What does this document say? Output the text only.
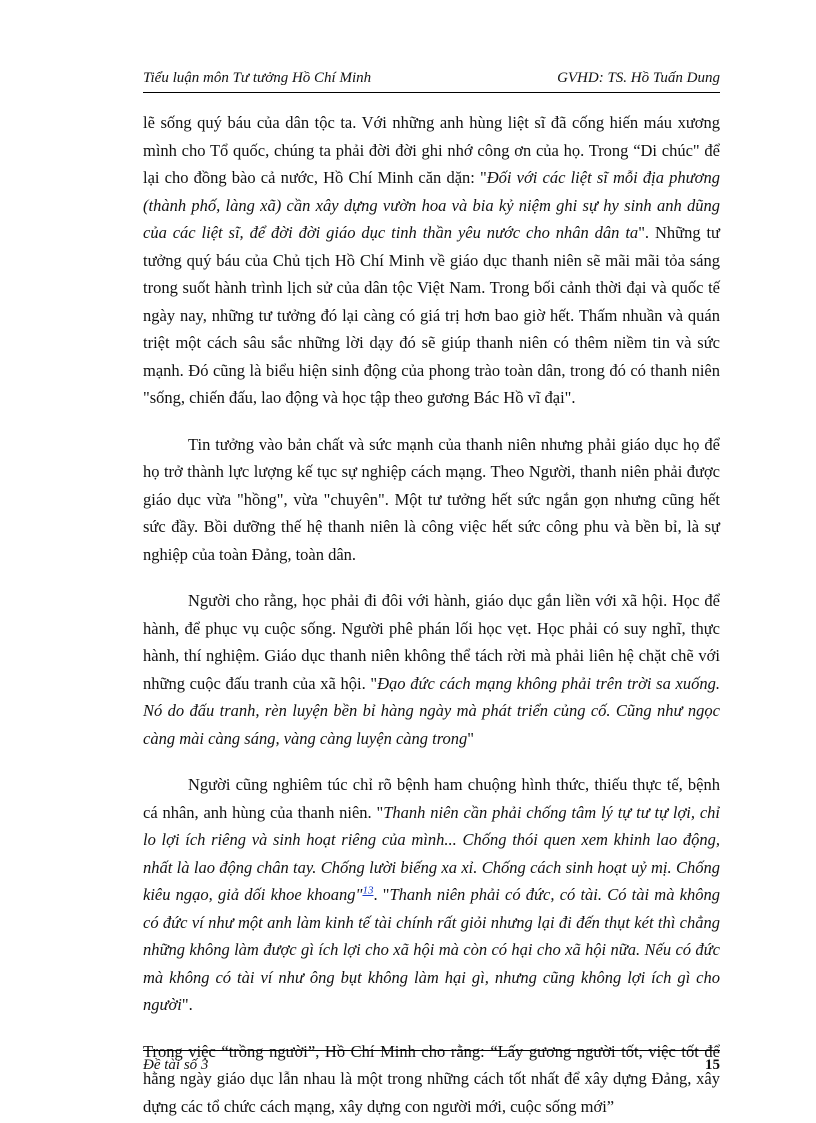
Tiểu luận môn Tư tưởng Hồ Chí Minh	GVHD: TS. Hồ Tuấn Dung

lẽ sống quý báu của dân tộc ta. Với những anh hùng liệt sĩ đã cống hiến máu xương mình cho Tổ quốc, chúng ta phải đời đời ghi nhớ công ơn của họ. Trong “Di chúc" để lại cho đồng bào cả nước, Hồ Chí Minh căn dặn: "Đối với các liệt sĩ mỗi địa phương (thành phố, làng xã) cần xây dựng vườn hoa và bia kỷ niệm ghi sự hy sinh anh dũng của các liệt sĩ, để đời đời giáo dục tinh thần yêu nước cho nhân dân ta". Những tư tưởng quý báu của Chủ tịch Hồ Chí Minh về giáo dục thanh niên sẽ mãi mãi tỏa sáng trong suốt hành trình lịch sử của dân tộc Việt Nam. Trong bối cảnh thời đại và quốc tế ngày nay, những tư tưởng đó lại càng có giá trị hơn bao giờ hết. Thấm nhuần và quán triệt một cách sâu sắc những lời dạy đó sẽ giúp thanh niên có thêm niềm tin và sức mạnh. Đó cũng là biểu hiện sinh động của phong trào toàn dân, trong đó có thanh niên "sống, chiến đấu, lao động và học tập theo gương Bác Hồ vĩ đại".

Tin tưởng vào bản chất và sức mạnh của thanh niên nhưng phải giáo dục họ để họ trở thành lực lượng kế tục sự nghiệp cách mạng. Theo Người, thanh niên phải được giáo dục vừa "hồng", vừa "chuyên". Một tư tưởng hết sức ngắn gọn nhưng cũng hết sức đầy. Bồi dưỡng thế hệ thanh niên là công việc hết sức công phu và bền bỉ, là sự nghiệp của toàn Đảng, toàn dân.

Người cho rằng, học phải đi đôi với hành, giáo dục gắn liền với xã hội. Học để hành, để phục vụ cuộc sống. Người phê phán lối học vẹt. Học phải có suy nghĩ, thực hành, thí nghiệm. Giáo dục thanh niên không thể tách rời mà phải liên hệ chặt chẽ với những cuộc đấu tranh của xã hội. "Đạo đức cách mạng không phải trên trời sa xuống. Nó do đấu tranh, rèn luyện bền bỉ hàng ngày mà phát triển củng cố. Cũng như ngọc càng mài càng sáng, vàng càng luyện càng trong"

Người cũng nghiêm túc chỉ rõ bệnh ham chuộng hình thức, thiếu thực tế, bệnh cá nhân, anh hùng của thanh niên. "Thanh niên cần phải chống tâm lý tự tư tự lợi, chỉ lo lợi ích riêng và sinh hoạt riêng của mình... Chống thói quen xem khinh lao động, nhất là lao động chân tay. Chống lười biếng xa xỉ. Chống cách sinh hoạt uỷ mị. Chống kiêu ngạo, giả dối khoe khoang"$^{13}$. "Thanh niên phải có đức, có tài. Có tài mà không có đức ví như một anh làm kinh tế tài chính rất giỏi nhưng lại đi đến thụt két thì chẳng những không làm được gì ích lợi cho xã hội mà còn có hại cho xã hội nữa. Nếu có đức mà không có tài ví như ông bụt không làm hại gì, nhưng cũng không lợi ích gì cho người".

Trong việc “trồng người”, Hồ Chí Minh cho rằng: “Lấy gương người tốt, việc tốt để hằng ngày giáo dục lẫn nhau là một trong những cách tốt nhất để xây dựng Đảng, xây dựng các tổ chức cách mạng, xây dựng con người mới, cuộc sống mới”

Đề tài số 3	15
